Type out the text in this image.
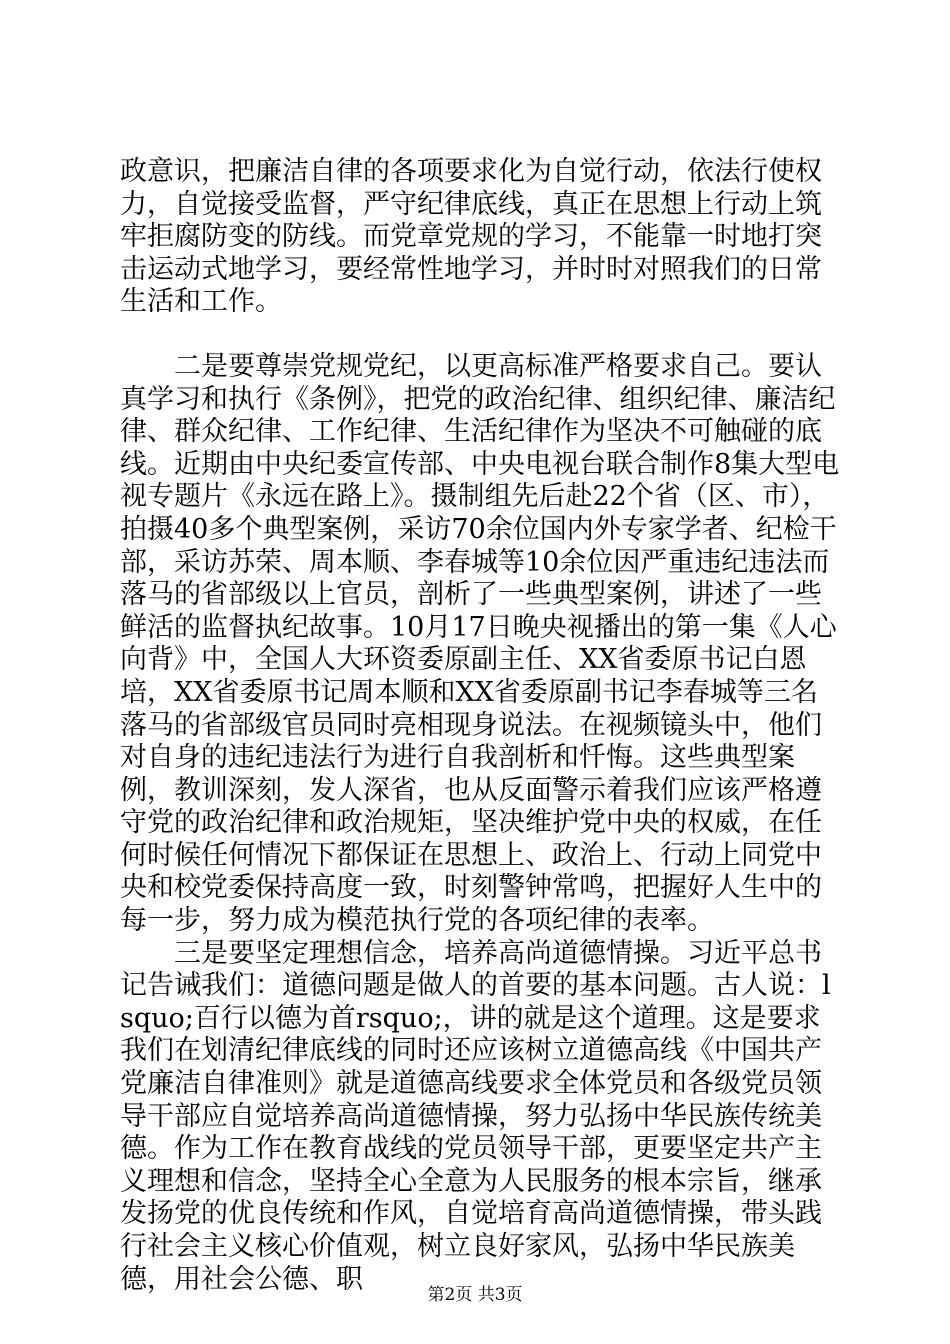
政意识，把廉洁自律的各项要求化为自觉行动，依法行使权力，自觉接受监督，严守纪律底线，真正在思想上行动上筑牢拒腐防变的防线。而党章党规的学习，不能靠一时地打突击运动式地学习，要经常性地学习，并时时对照我们的日常生活和工作。

二是要尊崇党规党纪，以更高标准严格要求自己。要认真学习和执行《条例》，把党的政治纪律、组织纪律、廉洁纪律、群众纪律、工作纪律、生活纪律作为坚决不可触碰的底线。近期由中央纪委宣传部、中央电视台联合制作8集大型电视专题片《永远在路上》。摄制组先后赴22个省（区、市），拍摄40多个典型案例，采访70余位国内外专家学者、纪检干部，采访苏荣、周本顺、李春城等10余位因严重违纪违法而落马的省部级以上官员，剖析了一些典型案例，讲述了一些鲜活的监督执纪故事。10月17日晚央视播出的第一集《人心向背》中，全国人大环资委原副主任、XX省委原书记白恩培，XX省委原书记周本顺和XX省委原副书记李春城等三名落马的省部级官员同时亮相现身说法。在视频镜头中，他们对自身的违纪违法行为进行自我剖析和忏悔。这些典型案例，教训深刻，发人深省，也从反面警示着我们应该严格遵守党的政治纪律和政治规矩，坚决维护党中央的权威，在任何时候任何情况下都保证在思想上、政治上、行动上同党中央和校党委保持高度一致，时刻警钟常鸣，把握好人生中的每一步，努力成为模范执行党的各项纪律的表率。

三是要坚定理想信念，培养高尚道德情操。习近平总书记告诫我们：道德问题是做人的首要的基本问题。古人说：lsquo;百行以德为首rsquo;，讲的就是这个道理。这是要求我们在划清纪律底线的同时还应该树立道德高线《中国共产党廉洁自律准则》就是道德高线要求全体党员和各级党员领导干部应自觉培养高尚道德情操，努力弘扬中华民族传统美德。作为工作在教育战线的党员领导干部，更要坚定共产主义理想和信念，坚持全心全意为人民服务的根本宗旨，继承发扬党的优良传统和作风，自觉培育高尚道德情操，带头践行社会主义核心价值观，树立良好家风，弘扬中华民族美德，用社会公德、职

第2页 共3页
